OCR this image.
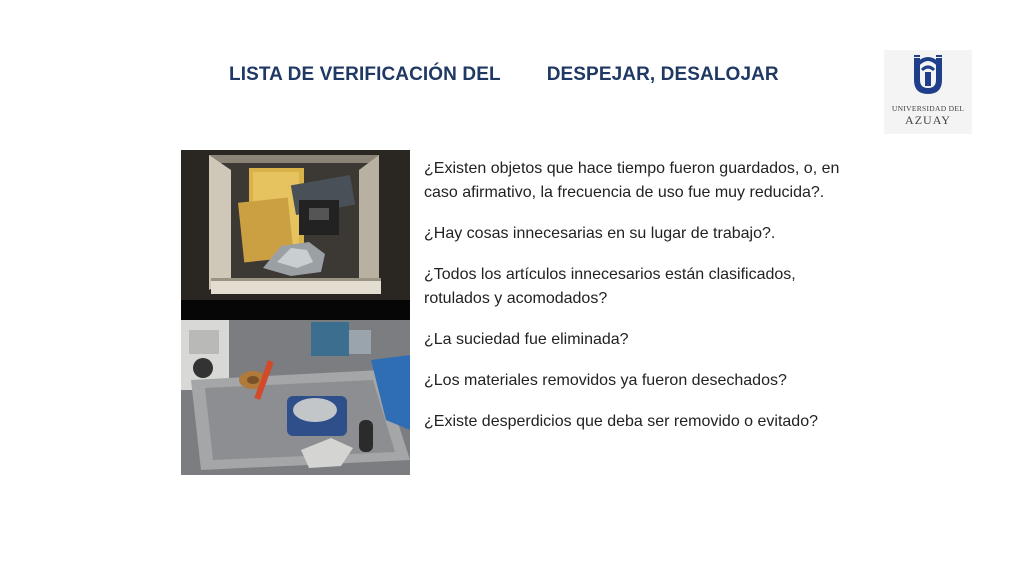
LISTA DE VERIFICACIÓN DEL DESPEJAR, DESALOJAR
UNIVERSIDAD DEL
AZUAY
¿Existen objetos que hace tiempo fueron guardados, o, en caso afirmativo, la frecuencia de uso fue muy reducida?.
¿Hay cosas innecesarias en su lugar de trabajo?.
¿Todos los artículos innecesarios están clasificados, rotulados y acomodados?
¿La suciedad fue eliminada?
¿Los materiales removidos ya fueron desechados?
¿Existe desperdicios que deba ser removido o evitado?
